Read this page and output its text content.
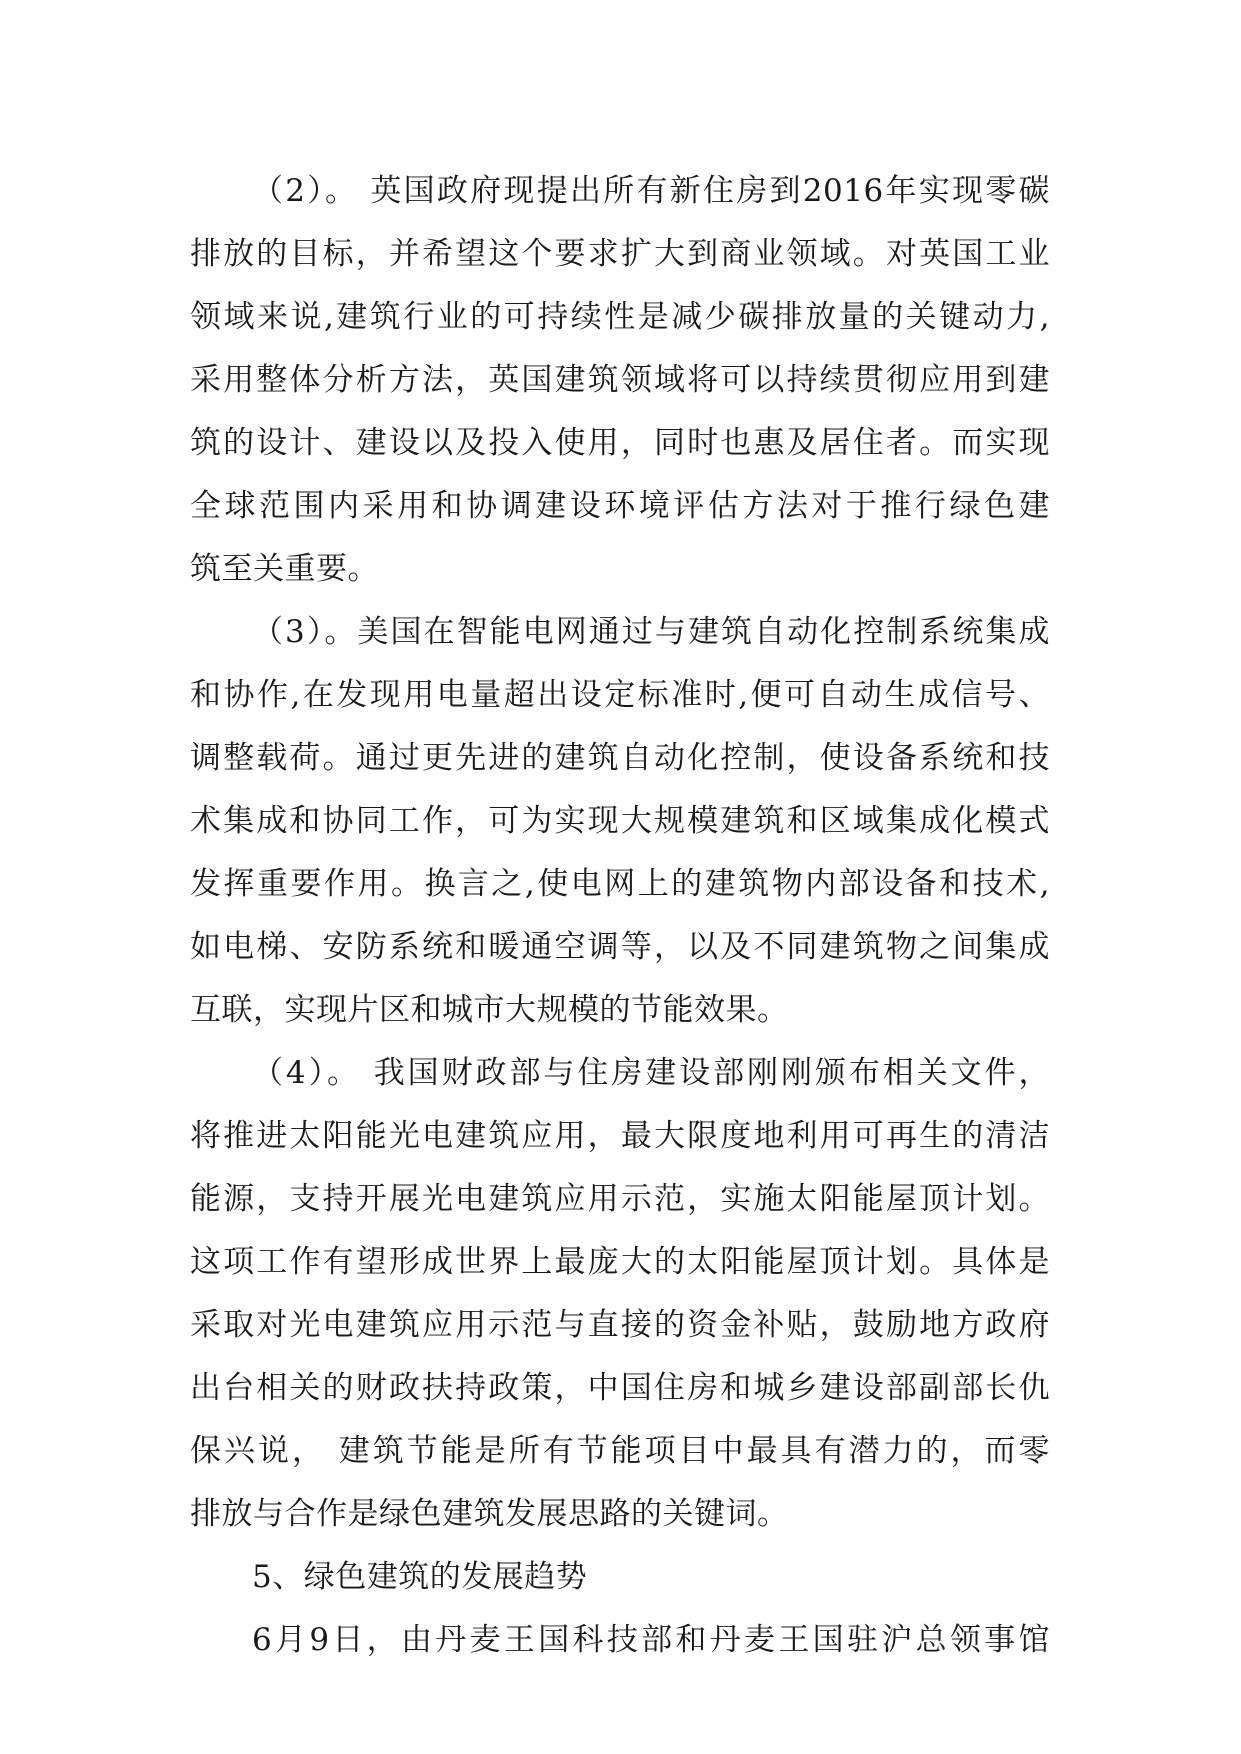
（2）。 英国政府现提出所有新住房到2016年实现零碳
排放的目标，并希望这个要求扩大到商业领域。对英国工业
领域来说,建筑行业的可持续性是减少碳排放量的关键动力,
采用整体分析方法，英国建筑领域将可以持续贯彻应用到建
筑的设计、建设以及投入使用，同时也惠及居住者。而实现
全球范围内采用和协调建设环境评估方法对于推行绿色建
筑至关重要。
（3）。美国在智能电网通过与建筑自动化控制系统集成
和协作,在发现用电量超出设定标准时,便可自动生成信号、
调整载荷。通过更先进的建筑自动化控制，使设备系统和技
术集成和协同工作，可为实现大规模建筑和区域集成化模式
发挥重要作用。换言之,使电网上的建筑物内部设备和技术,
如电梯、安防系统和暖通空调等，以及不同建筑物之间集成
互联，实现片区和城市大规模的节能效果。
（4）。 我国财政部与住房建设部刚刚颁布相关文件，
将推进太阳能光电建筑应用，最大限度地利用可再生的清洁
能源，支持开展光电建筑应用示范，实施太阳能屋顶计划。
这项工作有望形成世界上最庞大的太阳能屋顶计划。具体是
采取对光电建筑应用示范与直接的资金补贴，鼓励地方政府
出台相关的财政扶持政策，中国住房和城乡建设部副部长仇
保兴说， 建筑节能是所有节能项目中最具有潜力的，而零
排放与合作是绿色建筑发展思路的关键词。
5、绿色建筑的发展趋势
6月9日，由丹麦王国科技部和丹麦王国驻沪总领事馆
